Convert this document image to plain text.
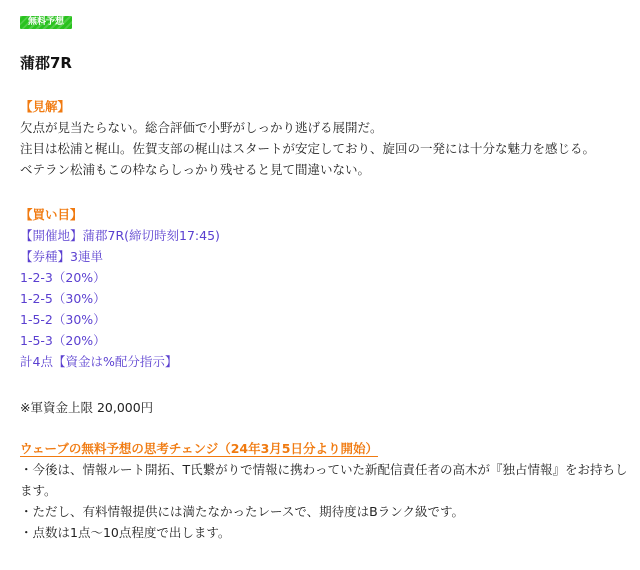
無料予想
蒲郡7R
【見解】
欠点が見当たらない。総合評価で小野がしっかり逃げる展開だ。
注目は松浦と梶山。佐賀支部の梶山はスタートが安定しており、旋回の一発には十分な魅力を感じる。
ベテラン松浦もこの枠ならしっかり残せると見て間違いない。
【買い目】
【開催地】蒲郡7R(締切時刻17:45)
【券種】3連単
1-2-3（20%）
1-2-5（30%）
1-5-2（30%）
1-5-3（20%）
計4点【資金は%配分指示】
※軍資金上限 20,000円
ウェーブの無料予想の思考チェンジ（24年3月5日分より開始）
・今後は、情報ルート開拓、T氏繋がりで情報に携わっていた新配信責任者の高木が『独占情報』をお持ちし
ます。
・ただし、有料情報提供には満たなかったレースで、期待度はBランク級です。
・点数は1点〜10点程度で出します。
